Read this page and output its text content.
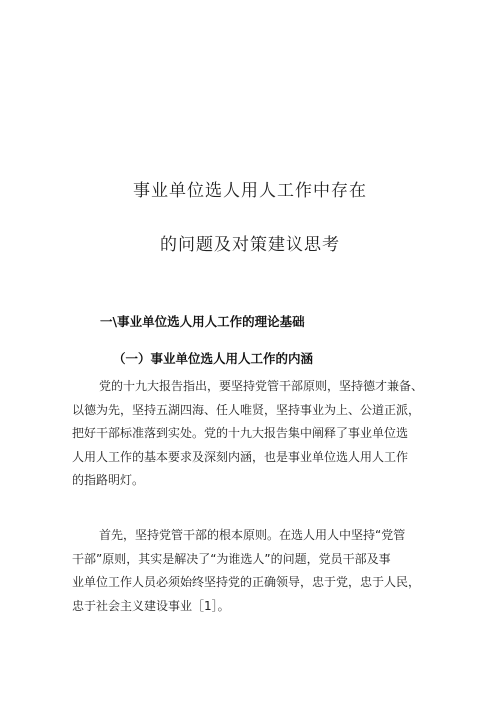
事业单位选人用人工作中存在
的问题及对策建议思考
一\事业单位选人用人工作的理论基础
（一）事业单位选人用人工作的内涵
党的十九大报告指出，要坚持党管干部原则，坚持德才兼备、
以德为先，坚持五湖四海、任人唯贤，坚持事业为上、公道正派，
把好干部标准落到实处。党的十九大报告集中阐释了事业单位选
人用人工作的基本要求及深刻内涵，也是事业单位选人用人工作
的指路明灯。
首先，坚持党管干部的根本原则。在选人用人中坚持“党管
干部”原则，其实是解决了“为谁选人”的问题，党员干部及事
业单位工作人员必须始终坚持党的正确领导，忠于党，忠于人民，
忠于社会主义建设事业［1］。
